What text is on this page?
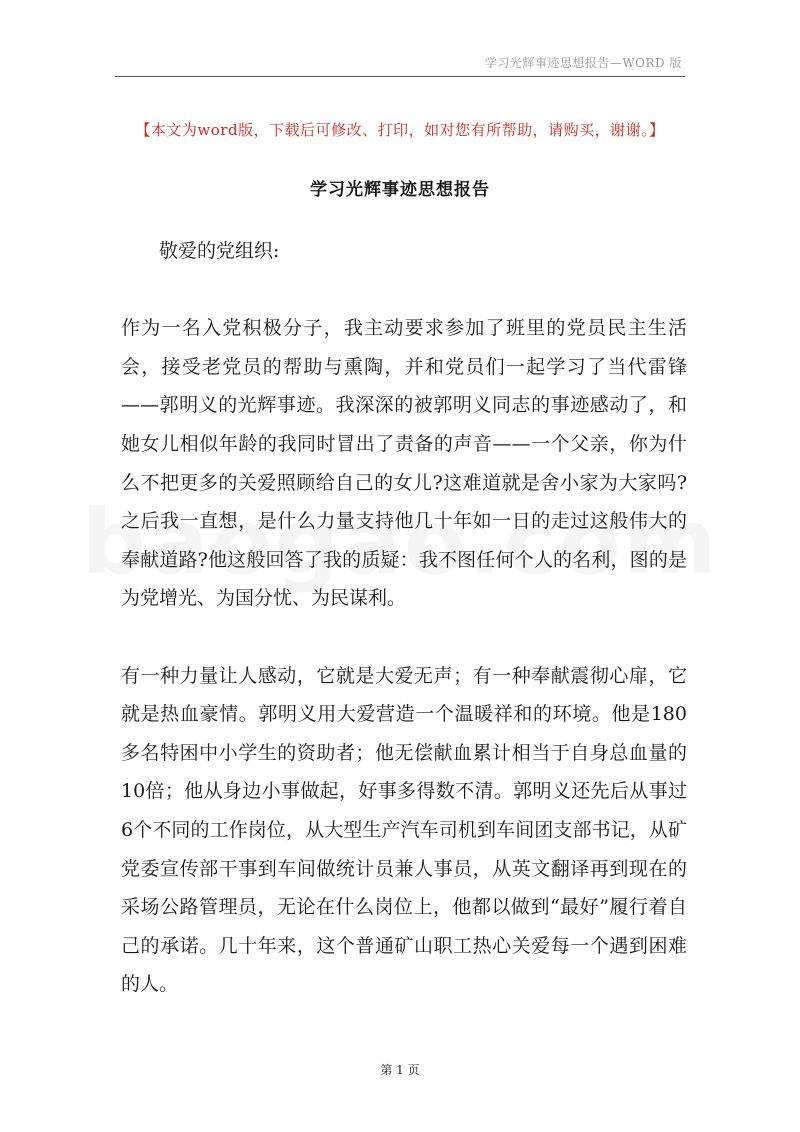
学习光辉事迹思想报告—WORD 版
【本文为word版，下载后可修改、打印，如对您有所帮助，请购买，谢谢。】
学习光辉事迹思想报告

敬爱的党组织:

作为一名入党积极分子，我主动要求参加了班里的党员民主生活会，接受老党员的帮助与熏陶，并和党员们一起学习了当代雷锋——郭明义的光辉事迹。我深深的被郭明义同志的事迹感动了，和她女儿相似年龄的我同时冒出了责备的声音——一个父亲，你为什么不把更多的关爱照顾给自己的女儿?这难道就是舍小家为大家吗?之后我一直想，是什么力量支持他几十年如一日的走过这般伟大的奉献道路?他这般回答了我的质疑：我不图任何个人的名利，图的是为党增光、为国分忧、为民谋利。

有一种力量让人感动，它就是大爱无声；有一种奉献震彻心扉，它就是热血豪情。郭明义用大爱营造一个温暖祥和的环境。他是180多名特困中小学生的资助者；他无偿献血累计相当于自身总血量的10倍；他从身边小事做起，好事多得数不清。郭明义还先后从事过6个不同的工作岗位，从大型生产汽车司机到车间团支部书记，从矿党委宣传部干事到车间做统计员兼人事员，从英文翻译再到现在的采场公路管理员，无论在什么岗位上，他都以做到“最好”履行着自己的承诺。几十年来，这个普通矿山职工热心关爱每一个遇到困难的人。

第 1 页
